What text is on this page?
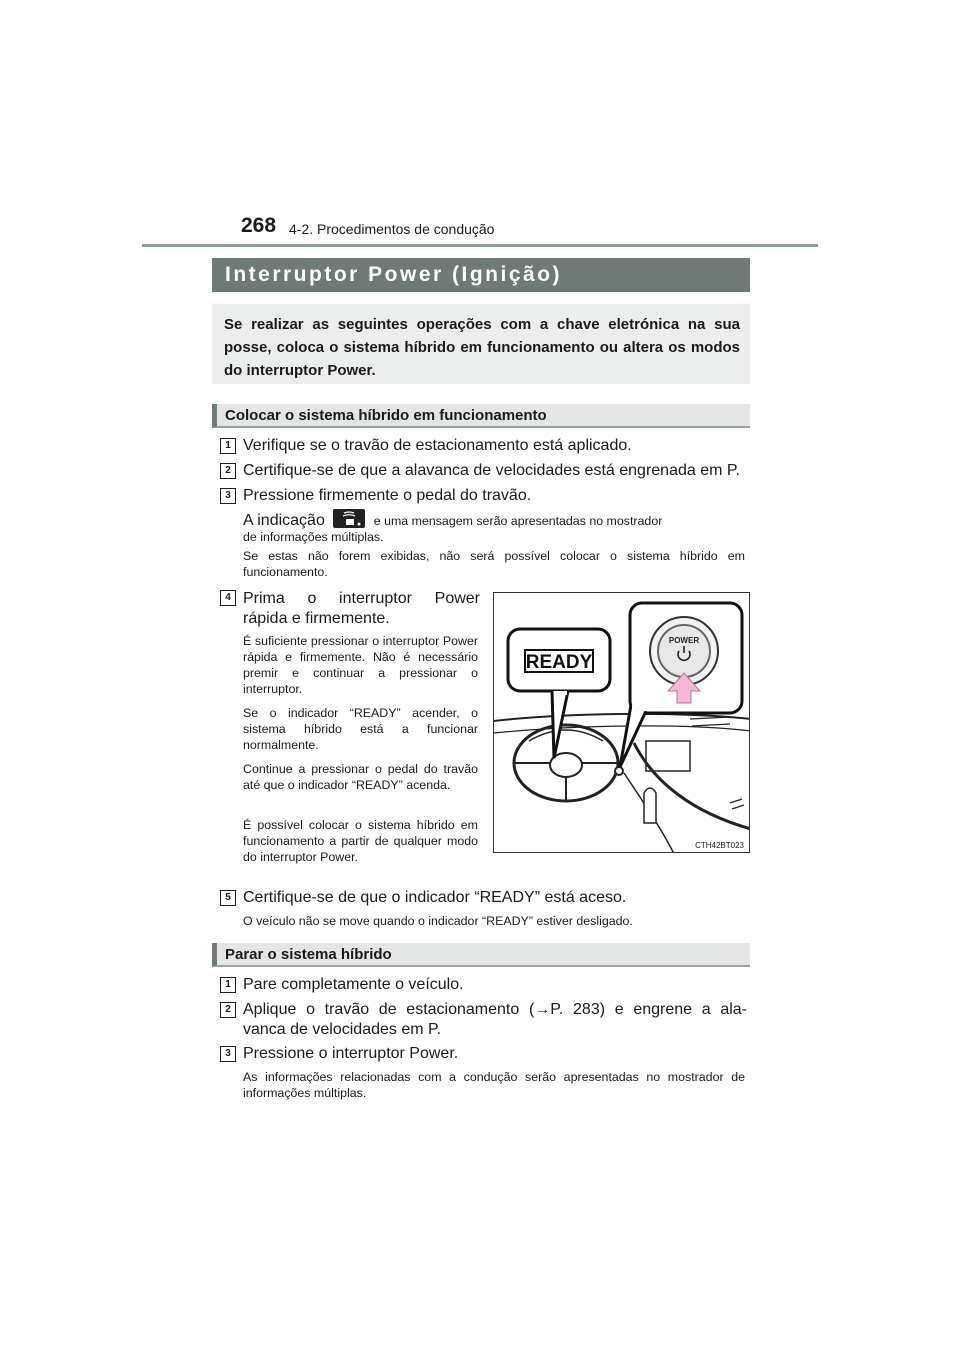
268 4-2. Procedimentos de condução
Interruptor Power (Ignição)
Se realizar as seguintes operações com a chave eletrónica na sua posse, coloca o sistema híbrido em funcionamento ou altera os modos do interruptor Power.
Colocar o sistema híbrido em funcionamento
1 Verifique se o travão de estacionamento está aplicado.
2 Certifique-se de que a alavanca de velocidades está engrenada em P.
3 Pressione firmemente o pedal do travão.
A indicação	e uma mensagem serão apresentadas no mostrador
de informações múltiplas.
Se estas não forem exibidas, não será possível colocar o sistema híbrido em funcionamento.
4 Prima o interruptor Power
rápida e firmemente.
É suficiente pressionar o interruptor Power rápida e firmemente. Não é necessário premir e continuar a pressionar o interruptor.
Se o indicador “READY” acender, o sistema híbrido está a funcionar normalmente.
Continue a pressionar o pedal do travão até que o indicador “READY” acenda.
É possível colocar o sistema híbrido em funcionamento a partir de qualquer modo do interruptor Power.
READY
POWER
CTH42BT023
5 Certifique-se de que o indicador “READY” está aceso.
O veículo não se move quando o indicador “READY” estiver desligado.
Parar o sistema híbrido
1 Pare completamente o veículo.
2 Aplique o travão de estacionamento (→P. 283) e engrene a ala-
vanca de velocidades em P.
3 Pressione o interruptor Power.
As informações relacionadas com a condução serão apresentadas no mostrador de informações múltiplas.
